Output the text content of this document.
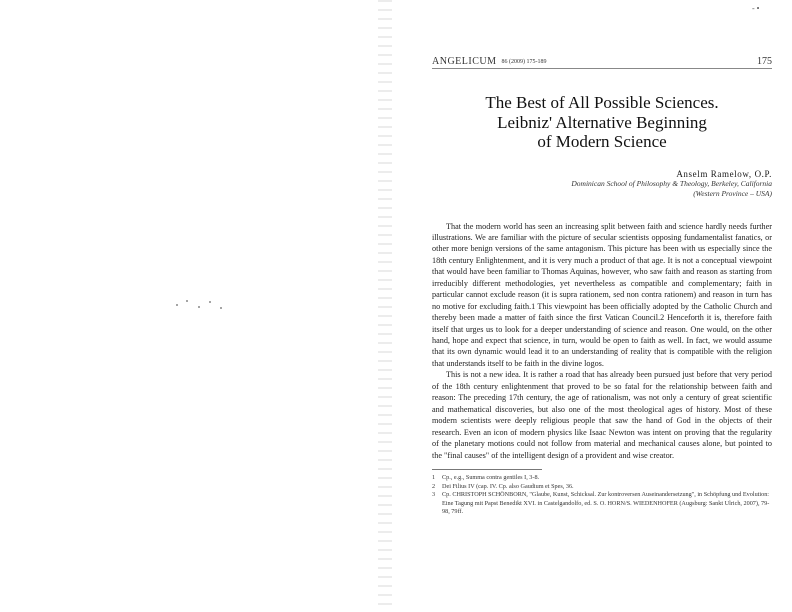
- •
ANGELICUM 86 (2009) 175-189	175
The Best of All Possible Sciences.
Leibniz' Alternative Beginning
of Modern Science
Anselm Ramelow, O.P.
Dominican School of Philosophy & Theology, Berkeley, California
(Western Province – USA)

That the modern world has seen an increasing split between faith and science hardly needs further illustrations. We are familiar with the picture of secular scientists opposing fundamentalist fanatics, or other more benign versions of the same antagonism. This picture has been with us especially since the 18th century Enlightenment, and it is very much a product of that age. It is not a conceptual viewpoint that would have been familiar to Thomas Aquinas, however, who saw faith and reason as starting from irreducibly different methodologies, yet nevertheless as compatible and complementary; faith in particular cannot exclude reason (it is supra rationem, sed non contra rationem) and reason in turn has no motive for excluding faith.1 This viewpoint has been officially adopted by the Catholic Church and thereby been made a matter of faith since the first Vatican Council.2 Henceforth it is, therefore faith itself that urges us to look for a deeper understanding of science and reason. One would, on the other hand, hope and expect that science, in turn, would be open to faith as well. In fact, we would assume that its own dynamic would lead it to an understanding of reality that is compatible with the religion that understands itself to be faith in the divine logos.

This is not a new idea. It is rather a road that has already been pursued just before that very period of the 18th century enlightenment that proved to be so fatal for the relationship between faith and reason: The preceding 17th century, the age of rationalism, was not only a century of great scientific and mathematical discoveries, but also one of the most theological ages of history. Most of these modern scientists were deeply religious people that saw the hand of God in the objects of their research. Even an icon of modern physics like Isaac Newton was intent on proving that the regularity of the planetary motions could not follow from material and mechanical causes alone, but pointed to the "final causes" of the intelligent design of a provident and wise creator.

1	Cp., e.g., Summa contra gentiles I, 3-8.
2	Dei Filius IV (cap. IV. Cp. also Gaudium et Spes, 36.
3	Cp. CHRISTOPH SCHÖNBORN, "Glaube, Kunst, Schicksal. Zur kontroversen Auseinandersetzung", in Schöpfung und Evolution: Eine Tagung mit Papst Benedikt XVI. in Castelgandolfo, ed. S. O. HORN/S. WIEDENHOFER (Augsburg: Sankt Ulrich, 2007), 79-98, 79ff.
